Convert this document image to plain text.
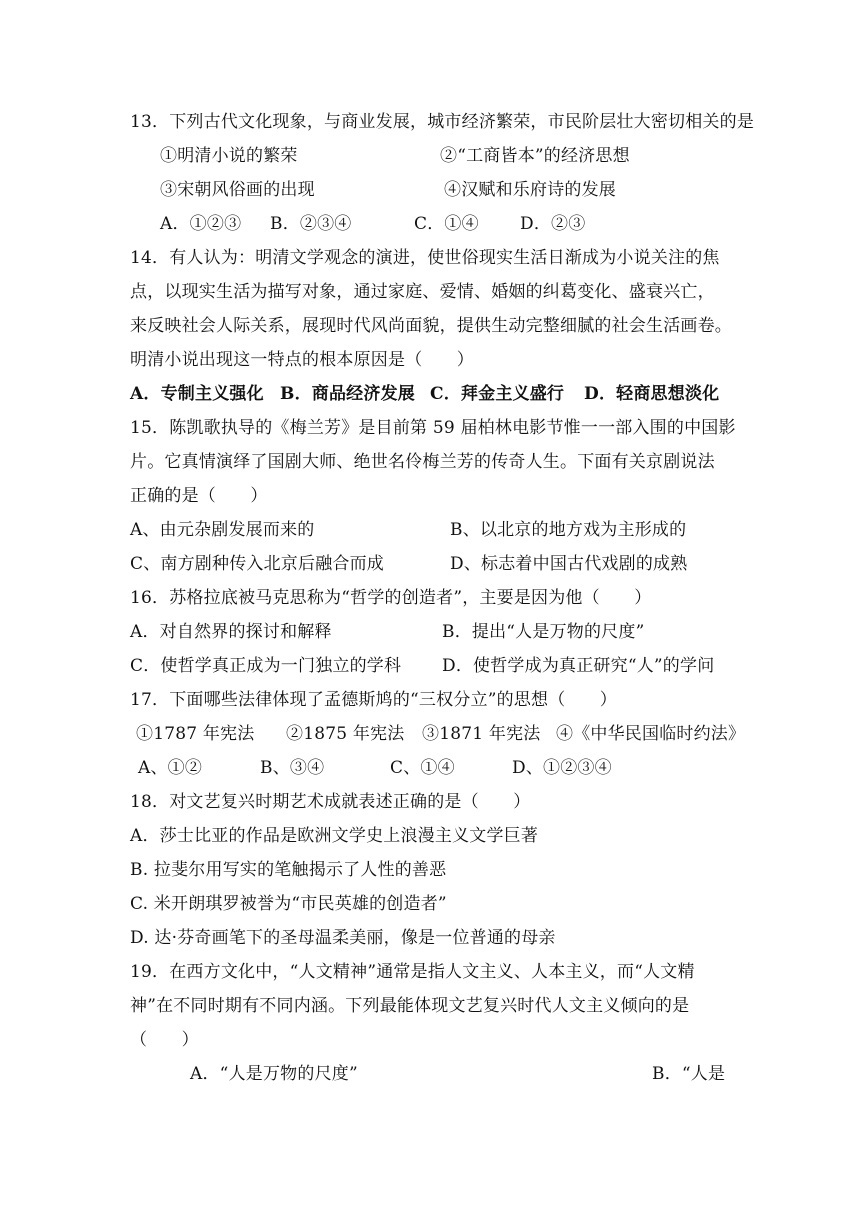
13．下列古代文化现象，与商业发展，城市经济繁荣，市民阶层壮大密切相关的是
①明清小说的繁荣	②“工商皆本”的经济思想
③宋朝风俗画的出现	④汉赋和乐府诗的发展
A．①②③ B．②③④	C．①④ D．②③
14．有人认为：明清文学观念的演进，使世俗现实生活日渐成为小说关注的焦
点，以现实生活为描写对象，通过家庭、爱情、婚姻的纠葛变化、盛衰兴亡，
来反映社会人际关系，展现时代风尚面貌，提供生动完整细腻的社会生活画卷。
明清小说出现这一特点的根本原因是（　　）
A．专制主义强化 B．商品经济发展 C．拜金主义盛行 D．轻商思想淡化
15．陈凯歌执导的《梅兰芳》是目前第 59 届柏林电影节惟一一部入围的中国影
片。它真情演绎了国剧大师、绝世名伶梅兰芳的传奇人生。下面有关京剧说法
正确的是（　　）
A、由元杂剧发展而来的	B、以北京的地方戏为主形成的
C、南方剧种传入北京后融合而成	D、标志着中国古代戏剧的成熟
16．苏格拉底被马克思称为“哲学的创造者”，主要是因为他（　　）
A．对自然界的探讨和解释	B．提出“人是万物的尺度”
C．使哲学真正成为一门独立的学科 D．使哲学成为真正研究“人”的学问
17．下面哪些法律体现了孟德斯鸠的“三权分立”的思想（　　）
①1787 年宪法 ②1875 年宪法 ③1871 年宪法 ④《中华民国临时约法》
A、①②	B、③④	C、①④	D、①②③④
18．对文艺复兴时期艺术成就表述正确的是（　　）
A．莎士比亚的作品是欧洲文学史上浪漫主义文学巨著
B. 拉斐尔用写实的笔触揭示了人性的善恶
C. 米开朗琪罗被誉为“市民英雄的创造者”
D. 达·芬奇画笔下的圣母温柔美丽，像是一位普通的母亲
19．在西方文化中，“人文精神”通常是指人文主义、人本主义，而“人文精
神”在不同时期有不同内涵。下列最能体现文艺复兴时代人文主义倾向的是
（　　）
A．“人是万物的尺度”	B．“人是
